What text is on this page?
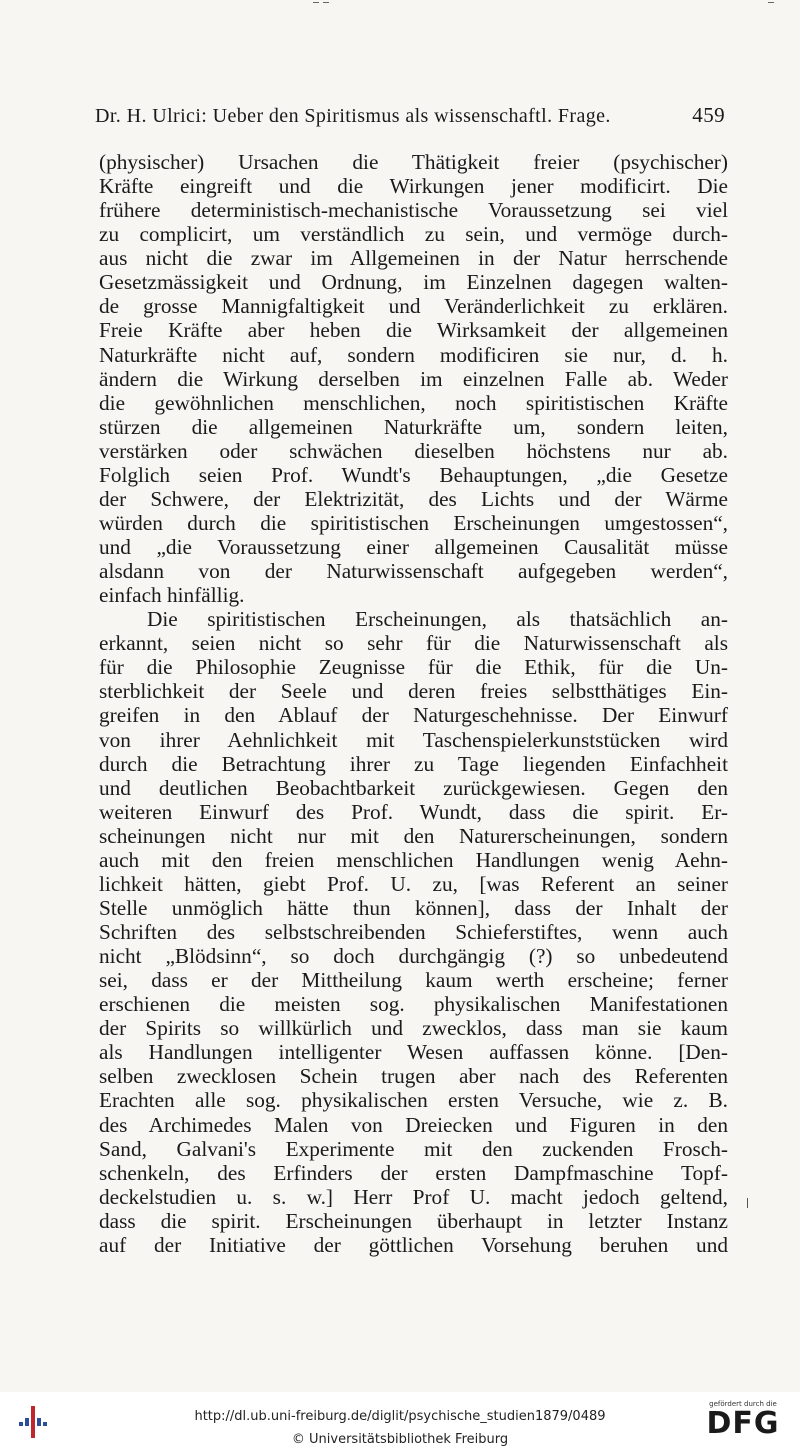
Dr. H. Ulrici: Ueber den Spiritismus als wissenschaftl. Frage.	459
(physischer) Ursachen die Thätigkeit freier (psychischer)
Kräfte eingreift und die Wirkungen jener modificirt. Die
frühere deterministisch-mechanistische Voraussetzung sei viel
zu complicirt, um verständlich zu sein, und vermöge durch-
aus nicht die zwar im Allgemeinen in der Natur herrschende
Gesetzmässigkeit und Ordnung, im Einzelnen dagegen walten-
de grosse Mannigfaltigkeit und Veränderlichkeit zu erklären.
Freie Kräfte aber heben die Wirksamkeit der allgemeinen
Naturkräfte nicht auf, sondern modificiren sie nur, d. h.
ändern die Wirkung derselben im einzelnen Falle ab. Weder
die gewöhnlichen menschlichen, noch spiritistischen Kräfte
stürzen die allgemeinen Naturkräfte um, sondern leiten,
verstärken oder schwächen dieselben höchstens nur ab.
Folglich seien Prof. Wundt's Behauptungen, „die Gesetze
der Schwere, der Elektrizität, des Lichts und der Wärme
würden durch die spiritistischen Erscheinungen umgestossen“,
und „die Voraussetzung einer allgemeinen Causalität müsse
alsdann von der Naturwissenschaft aufgegeben werden“,
einfach hinfällig.
Die spiritistischen Erscheinungen, als thatsächlich an-
erkannt, seien nicht so sehr für die Naturwissenschaft als
für die Philosophie Zeugnisse für die Ethik, für die Un-
sterblichkeit der Seele und deren freies selbstthätiges Ein-
greifen in den Ablauf der Naturgeschehnisse. Der Einwurf
von ihrer Aehnlichkeit mit Taschenspielerkunststücken wird
durch die Betrachtung ihrer zu Tage liegenden Einfachheit
und deutlichen Beobachtbarkeit zurückgewiesen. Gegen den
weiteren Einwurf des Prof. Wundt, dass die spirit. Er-
scheinungen nicht nur mit den Naturerscheinungen, sondern
auch mit den freien menschlichen Handlungen wenig Aehn-
lichkeit hätten, giebt Prof. U. zu, [was Referent an seiner
Stelle unmöglich hätte thun können], dass der Inhalt der
Schriften des selbstschreibenden Schieferstiftes, wenn auch
nicht „Blödsinn“, so doch durchgängig (?) so unbedeutend
sei, dass er der Mittheilung kaum werth erscheine; ferner
erschienen die meisten sog. physikalischen Manifestationen
der Spirits so willkürlich und zwecklos, dass man sie kaum
als Handlungen intelligenter Wesen auffassen könne. [Den-
selben zwecklosen Schein trugen aber nach des Referenten
Erachten alle sog. physikalischen ersten Versuche, wie z. B.
des Archimedes Malen von Dreiecken und Figuren in den
Sand, Galvani's Experimente mit den zuckenden Frosch-
schenkeln, des Erfinders der ersten Dampfmaschine Topf-
deckelstudien u. s. w.] Herr Prof U. macht jedoch geltend,
dass die spirit. Erscheinungen überhaupt in letzter Instanz
auf der Initiative der göttlichen Vorsehung beruhen und
http://dl.ub.uni-freiburg.de/diglit/psychische_studien1879/0489
© Universitätsbibliothek Freiburg
gefördert durch die
DFG
